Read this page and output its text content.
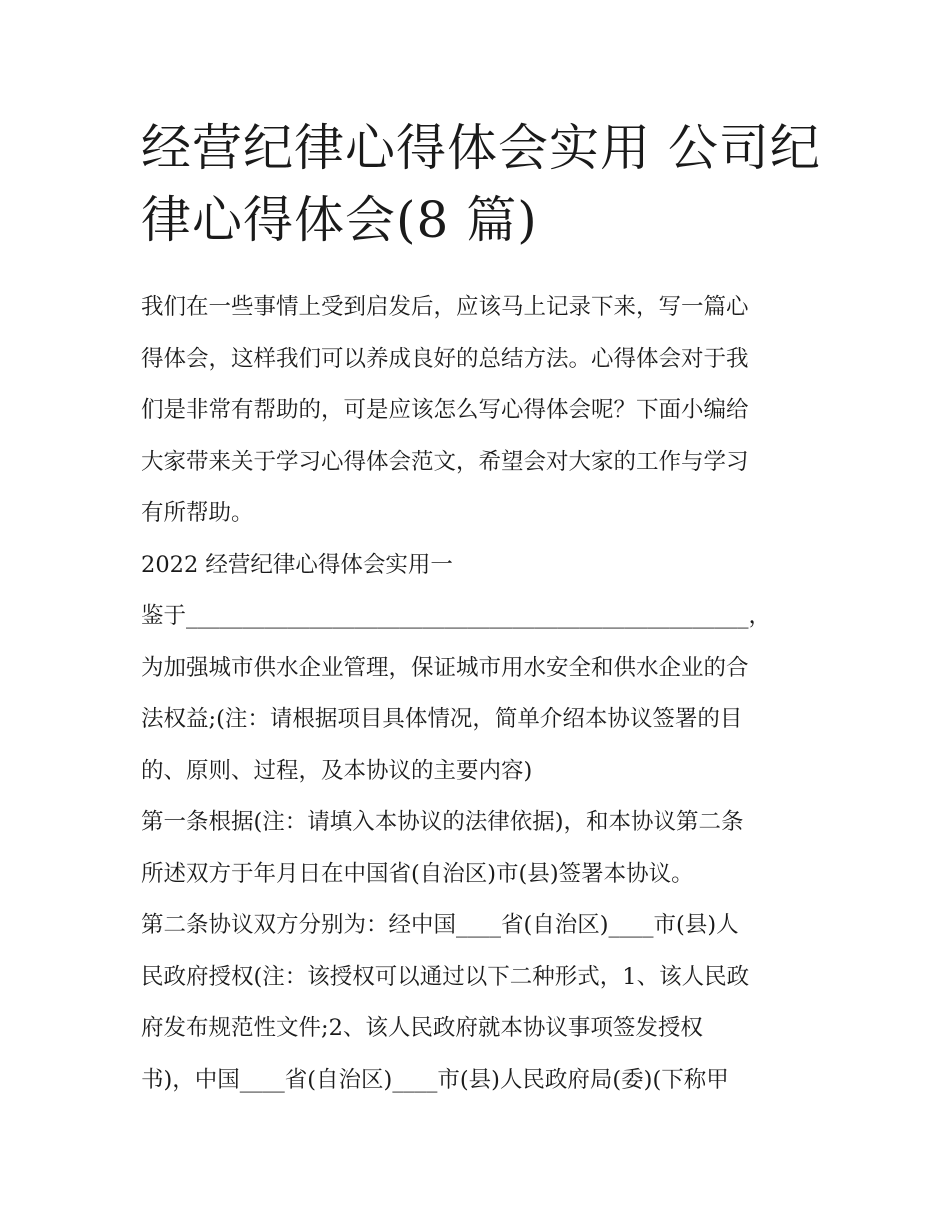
经营纪律心得体会实用 公司纪
律心得体会(8 篇)
我们在一些事情上受到启发后，应该马上记录下来，写一篇心
得体会，这样我们可以养成良好的总结方法。心得体会对于我
们是非常有帮助的，可是应该怎么写心得体会呢？下面小编给
大家带来关于学习心得体会范文，希望会对大家的工作与学习
有所帮助。
2022 经营纪律心得体会实用一
鉴于__________________________________________________，
为加强城市供水企业管理，保证城市用水安全和供水企业的合
法权益;(注：请根据项目具体情况，简单介绍本协议签署的目
的、原则、过程，及本协议的主要内容)
第一条根据(注：请填入本协议的法律依据)，和本协议第二条
所述双方于年月日在中国省(自治区)市(县)签署本协议。
第二条协议双方分别为：经中国____省(自治区)____市(县)人
民政府授权(注：该授权可以通过以下二种形式，1、该人民政
府发布规范性文件;2、该人民政府就本协议事项签发授权
书)，中国____省(自治区)____市(县)人民政府局(委)(下称甲
